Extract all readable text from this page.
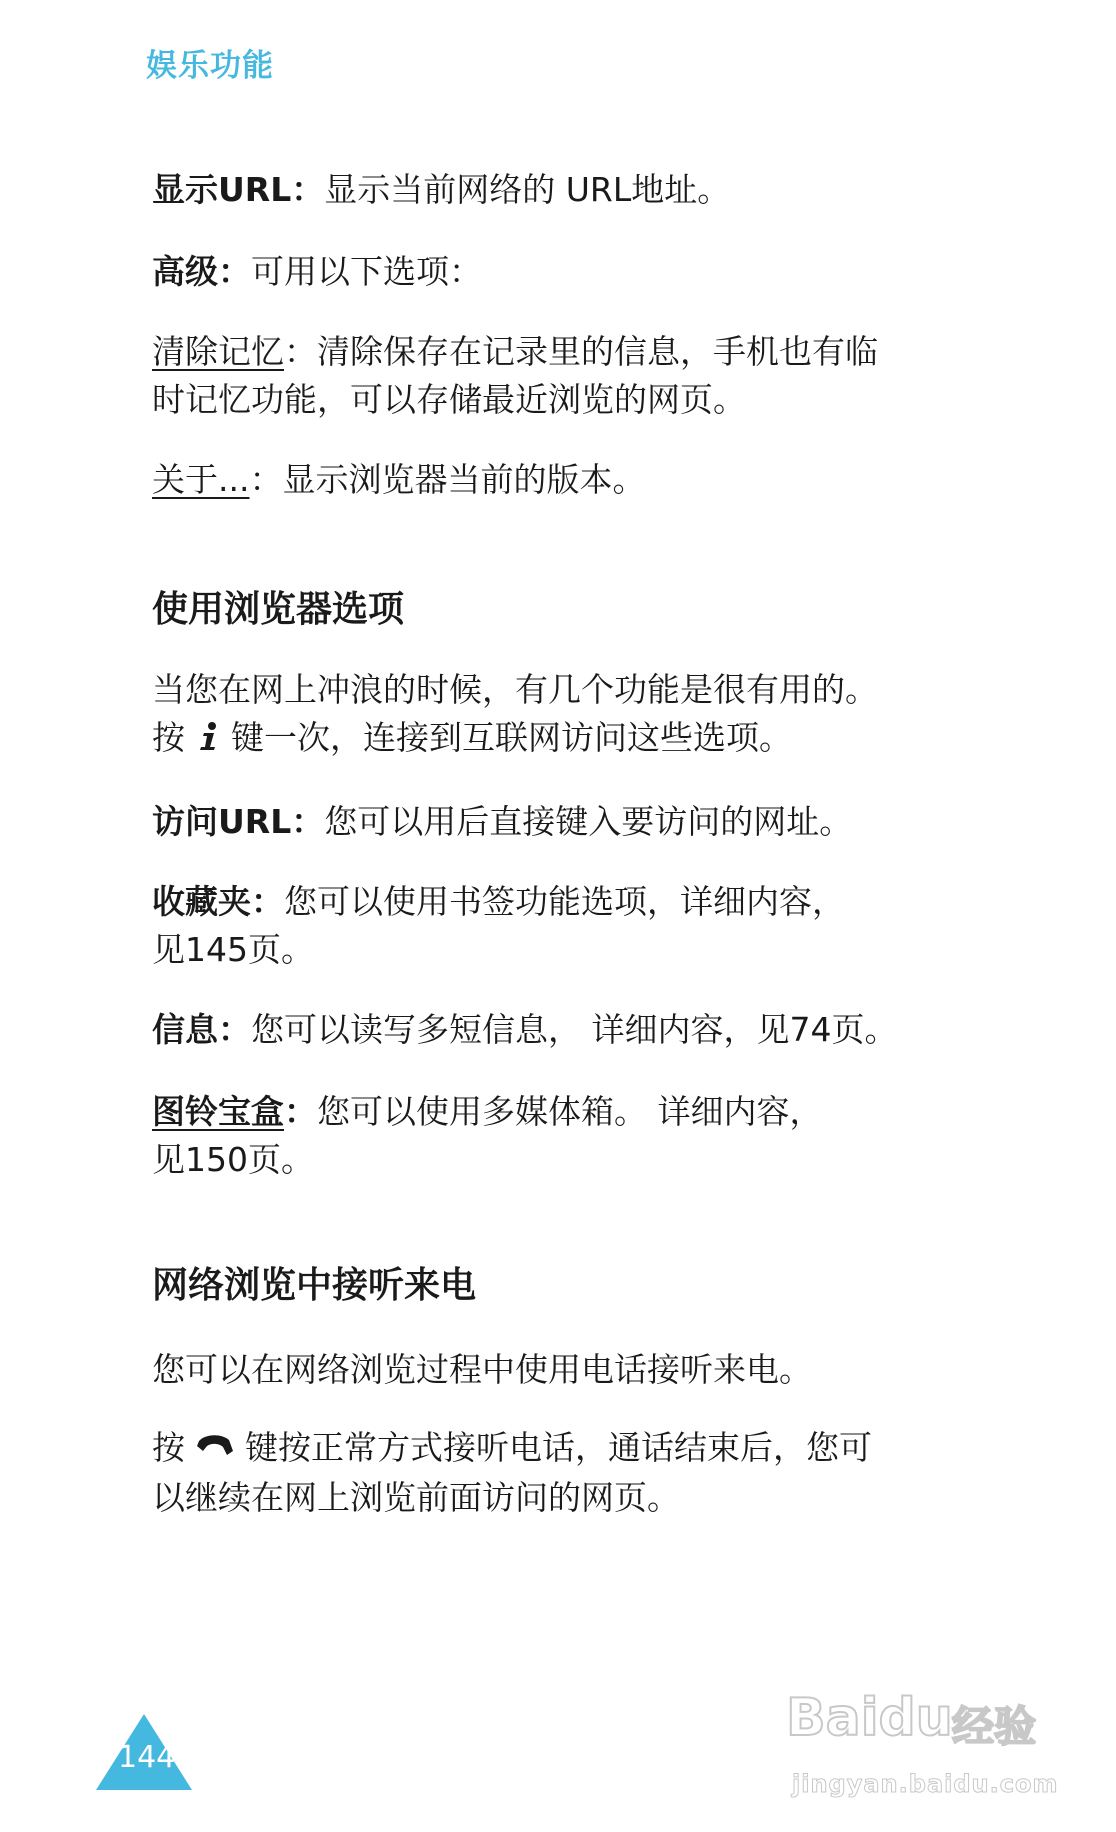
娱乐功能

显示URL：显示当前网络的 URL地址。

高级：可用以下选项：

清除记忆：清除保存在记录里的信息，手机也有临时记忆功能，可以存储最近浏览的网页。

关于...：显示浏览器当前的版本。

使用浏览器选项

当您在网上冲浪的时候，有几个功能是很有用的。
按 键一次，连接到互联网访问这些选项。

访问URL：您可以用后直接键入要访问的网址。

收藏夹：您可以使用书签功能选项，详细内容，见145页。

信息：您可以读写多短信息， 详细内容，见74页。

图铃宝盒：您可以使用多媒体箱。 详细内容，见150页。

网络浏览中接听来电

您可以在网络浏览过程中使用电话接听来电。

按 键按正常方式接听电话，通话结束后，您可以继续在网上浏览前面访问的网页。

144
Baidu 经验
jingyan.baidu.com
